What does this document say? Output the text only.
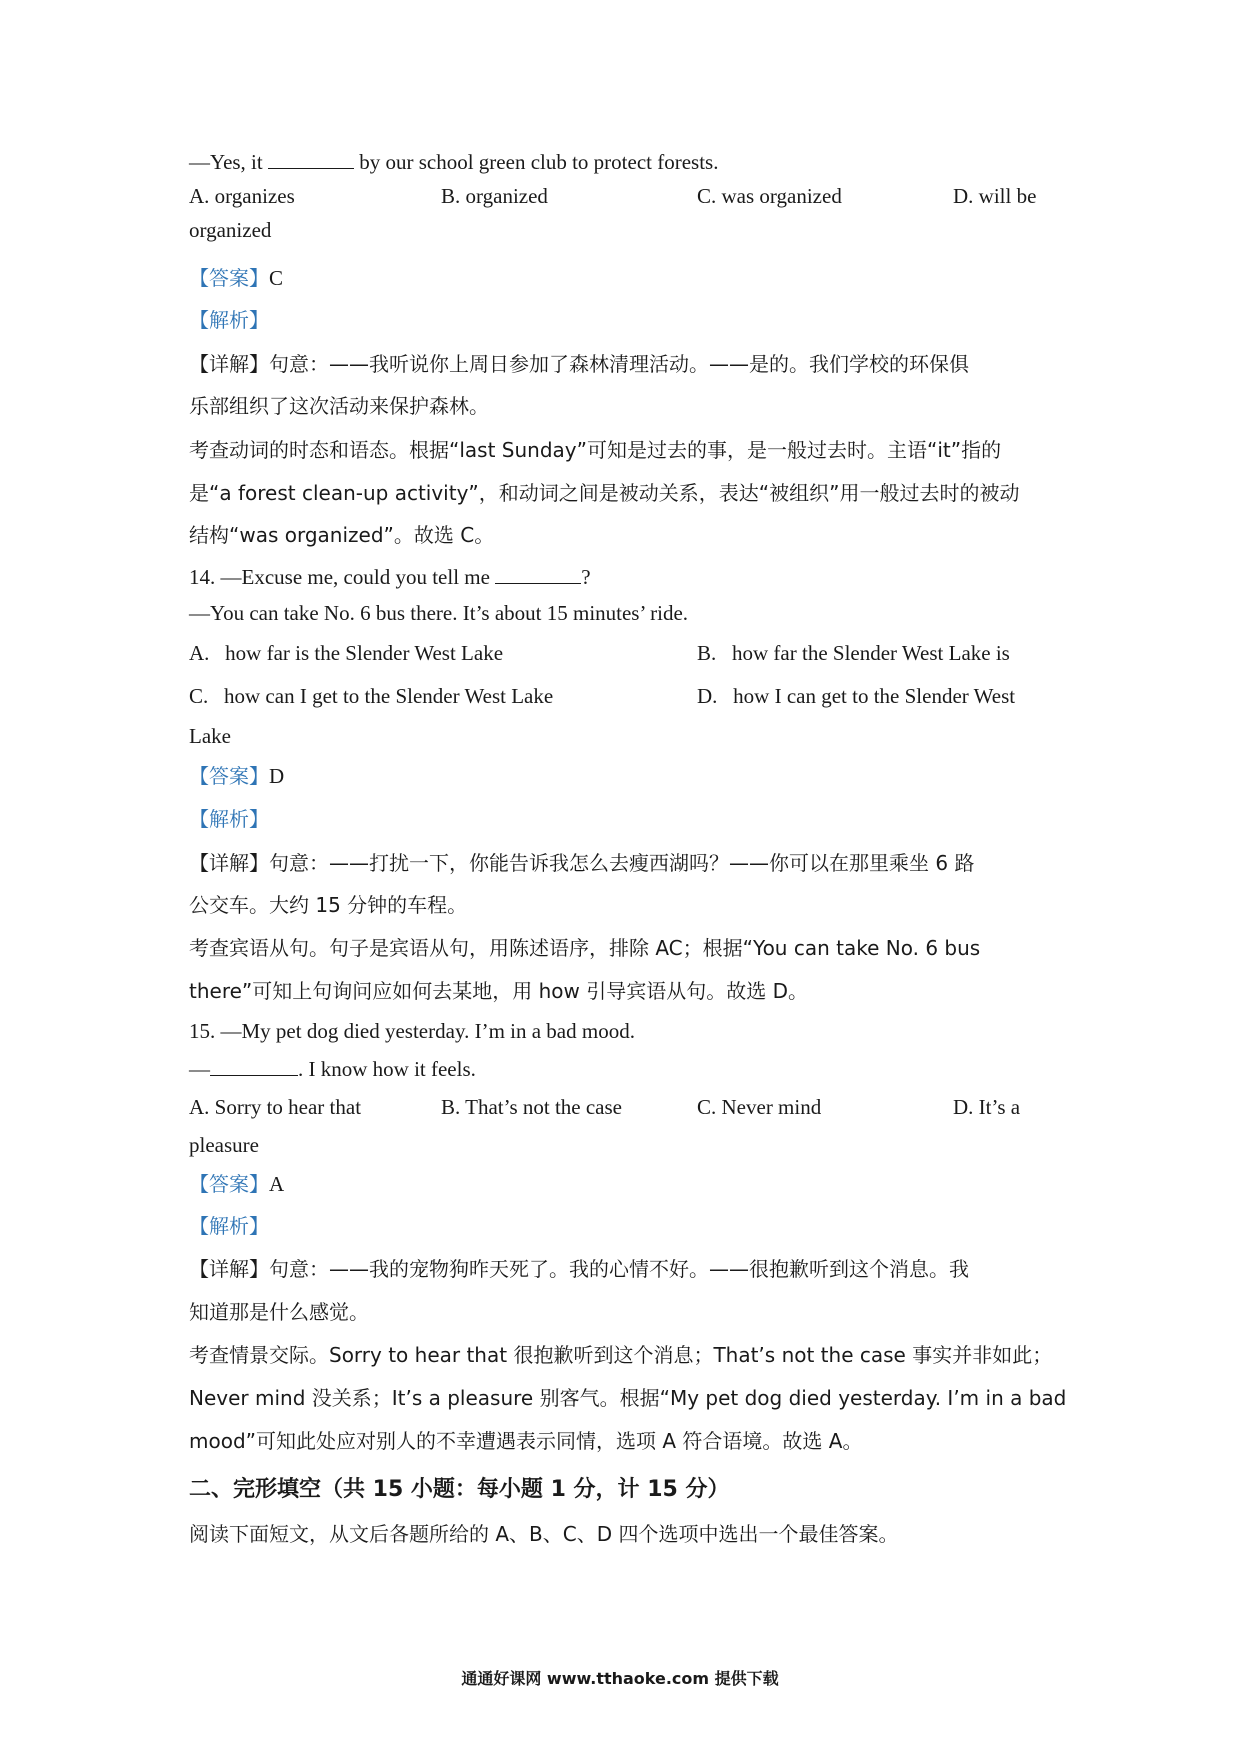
—Yes, it	by our school green club to protect forests.
A. organizes	B. organized	C. was organized	D. will be
organized
【答案】C
【解析】
【详解】句意：——我听说你上周日参加了森林清理活动。——是的。我们学校的环保俱
乐部组织了这次活动来保护森林。
考查动词的时态和语态。根据“last Sunday”可知是过去的事，是一般过去时。主语“it”指的
是“a forest clean-up activity”，和动词之间是被动关系，表达“被组织”用一般过去时的被动
结构“was organized”。故选 C。
14. —Excuse me, could you tell me	?
—You can take No. 6 bus there. It’s about 15 minutes’ ride.
A. how far is the Slender West Lake	B. how far the Slender West Lake is
C. how can I get to the Slender West Lake	D. how I can get to the Slender West
Lake
【答案】D
【解析】
【详解】句意：——打扰一下，你能告诉我怎么去瘦西湖吗？——你可以在那里乘坐 6 路
公交车。大约 15 分钟的车程。
考查宾语从句。句子是宾语从句，用陈述语序，排除 AC；根据“You can take No. 6 bus
there”可知上句询问应如何去某地，用 how 引导宾语从句。故选 D。
15. —My pet dog died yesterday. I’m in a bad mood.
—	. I know how it feels.
A. Sorry to hear that	B. That’s not the case	C. Never mind	D. It’s a
pleasure
【答案】A
【解析】
【详解】句意：——我的宠物狗昨天死了。我的心情不好。——很抱歉听到这个消息。我
知道那是什么感觉。
考查情景交际。Sorry to hear that 很抱歉听到这个消息；That’s not the case 事实并非如此；
Never mind 没关系；It’s a pleasure 别客气。根据“My pet dog died yesterday. I’m in a bad
mood”可知此处应对别人的不幸遭遇表示同情，选项 A 符合语境。故选 A。
二、完形填空（共 15 小题：每小题 1 分，计 15 分）
阅读下面短文，从文后各题所给的 A、B、C、D 四个选项中选出一个最佳答案。
通通好课网 www.tthaoke.com 提供下载
